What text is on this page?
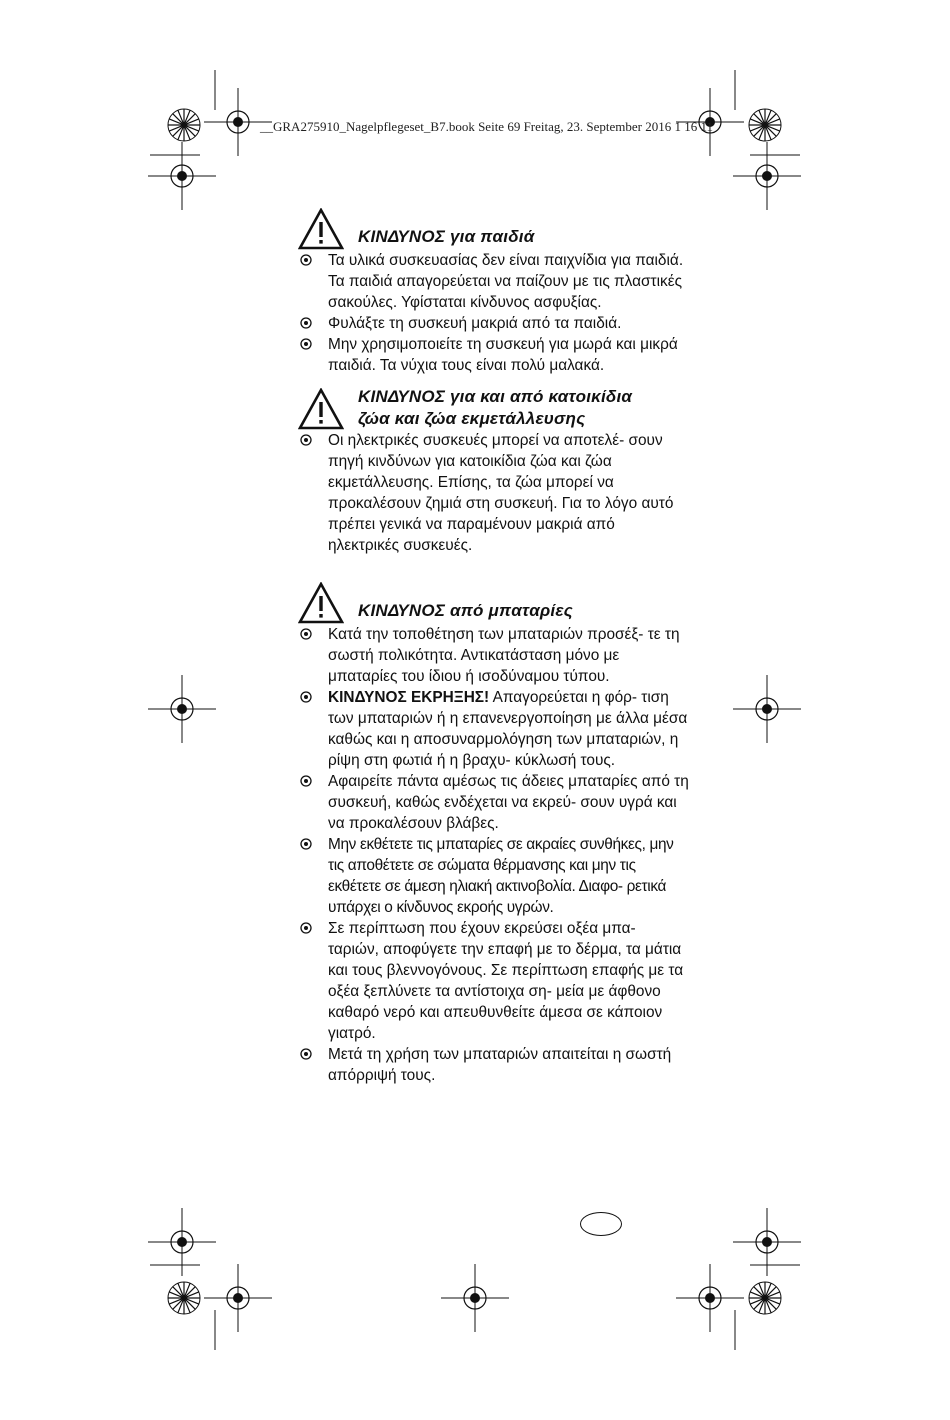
__GRA275910_Nagelpflegeset_B7.book Seite 69 Freitag, 23. September 2016 1 16 11
ΚΙΝΔΥΝΟΣ για παιδιά
Τα υλικά συσκευασίας δεν είναι παιχνίδια για παιδιά. Τα παιδιά απαγορεύεται να παίζουν με τις πλαστικές σακούλες. Υφίσταται κίνδυνος ασφυξίας.
Φυλάξτε τη συσκευή μακριά από τα παιδιά.
Μην χρησιμοποιείτε τη συσκευή για μωρά και μικρά παιδιά. Τα νύχια τους είναι πολύ μαλακά.
ΚΙΝΔΥΝΟΣ για και από κατοικίδια
ζώα και ζώα εκμετάλλευσης
Οι ηλεκτρικές συσκευές μπορεί να αποτελέ- σουν πηγή κινδύνων για κατοικίδια ζώα και ζώα εκμετάλλευσης. Επίσης, τα ζώα μπορεί να προκαλέσουν ζημιά στη συσκευή. Για το λόγο αυτό πρέπει γενικά να παραμένουν μακριά από ηλεκτρικές συσκευές.
ΚΙΝΔΥΝΟΣ από μπαταρίες
Κατά την τοποθέτηση των μπαταριών προσέξ- τε τη σωστή πολικότητα. Αντικατάσταση μόνο με μπαταρίες του ίδιου ή ισοδύναμου τύπου.
ΚΙΝΔΥΝΟΣ ΕΚΡΗΞΗΣ! Απαγορεύεται η φόρ- τιση των μπαταριών ή η επανενεργοποίηση με άλλα μέσα καθώς και η αποσυναρμολόγηση των μπαταριών, η ρίψη στη φωτιά ή η βραχυ- κύκλωσή τους.
Αφαιρείτε πάντα αμέσως τις άδειες μπαταρίες από τη συσκευή, καθώς ενδέχεται να εκρεύ- σουν υγρά και να προκαλέσουν βλάβες.
Μην εκθέτετε τις μπαταρίες σε ακραίες συνθήκες, μην τις αποθέτετε σε σώματα θέρμανσης και μην τις εκθέτετε σε άμεση ηλιακή ακτινοβολία. Διαφο- ρετικά υπάρχει ο κίνδυνος εκροής υγρών.
Σε περίπτωση που έχουν εκρεύσει οξέα μπα- ταριών, αποφύγετε την επαφή με το δέρμα, τα μάτια και τους βλεννογόνους. Σε περίπτωση επαφής με τα οξέα ξεπλύνετε τα αντίστοιχα ση- μεία με άφθονο καθαρό νερό και απευθυνθείτε άμεσα σε κάποιον γιατρό.
Μετά τη χρήση των μπαταριών απαιτείται η σωστή απόρριψή τους.
